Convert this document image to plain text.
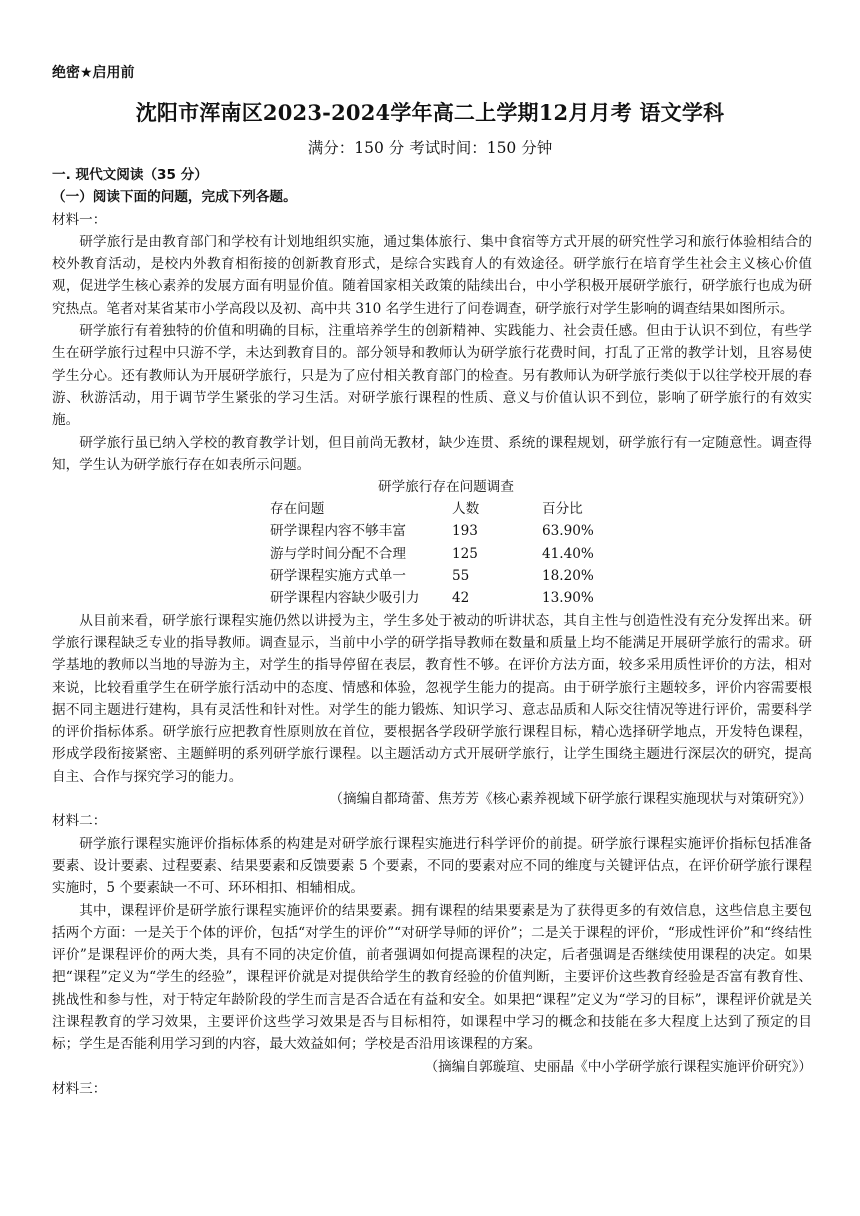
绝密★启用前
沈阳市浑南区2023-2024学年高二上学期12月月考 语文学科
满分：150 分 考试时间：150 分钟

一. 现代文阅读（35 分）

（一）阅读下面的问题，完成下列各题。

材料一：

研学旅行是由教育部门和学校有计划地组织实施，通过集体旅行、集中食宿等方式开展的研究性学习和旅行体验相结合的校外教育活动，是校内外教育相衔接的创新教育形式，是综合实践育人的有效途径。研学旅行在培育学生社会主义核心价值观，促进学生核心素养的发展方面有明显价值。随着国家相关政策的陆续出台，中小学积极开展研学旅行，研学旅行也成为研究热点。笔者对某省某市小学高段以及初、高中共 310 名学生进行了问卷调查，研学旅行对学生影响的调查结果如图所示。

研学旅行有着独特的价值和明确的目标，注重培养学生的创新精神、实践能力、社会责任感。但由于认识不到位，有些学生在研学旅行过程中只游不学，未达到教育目的。部分领导和教师认为研学旅行花费时间，打乱了正常的教学计划，且容易使学生分心。还有教师认为开展研学旅行，只是为了应付相关教育部门的检查。另有教师认为研学旅行类似于以往学校开展的春游、秋游活动，用于调节学生紧张的学习生活。对研学旅行课程的性质、意义与价值认识不到位，影响了研学旅行的有效实施。

研学旅行虽已纳入学校的教育教学计划，但目前尚无教材，缺少连贯、系统的课程规划，研学旅行有一定随意性。调查得知，学生认为研学旅行存在如表所示问题。

研学旅行存在问题调查
存在问题	人数	百分比
研学课程内容不够丰富	193	63.90%
游与学时间分配不合理	125	41.40%
研学课程实施方式单一	55	18.20%
研学课程内容缺少吸引力	42	13.90%

从目前来看，研学旅行课程实施仍然以讲授为主，学生多处于被动的听讲状态，其自主性与创造性没有充分发挥出来。研学旅行课程缺乏专业的指导教师。调查显示，当前中小学的研学指导教师在数量和质量上均不能满足开展研学旅行的需求。研学基地的教师以当地的导游为主，对学生的指导停留在表层，教育性不够。在评价方法方面，较多采用质性评价的方法，相对来说，比较看重学生在研学旅行活动中的态度、情感和体验，忽视学生能力的提高。由于研学旅行主题较多，评价内容需要根据不同主题进行建构，具有灵活性和针对性。对学生的能力锻炼、知识学习、意志品质和人际交往情况等进行评价，需要科学的评价指标体系。研学旅行应把教育性原则放在首位，要根据各学段研学旅行课程目标，精心选择研学地点，开发特色课程，形成学段衔接紧密、主题鲜明的系列研学旅行课程。以主题活动方式开展研学旅行，让学生围绕主题进行深层次的研究，提高自主、合作与探究学习的能力。

（摘编自都琦蕾、焦芳芳《核心素养视域下研学旅行课程实施现状与对策研究》）

材料二：

研学旅行课程实施评价指标体系的构建是对研学旅行课程实施进行科学评价的前提。研学旅行课程实施评价指标包括准备要素、设计要素、过程要素、结果要素和反馈要素 5 个要素，不同的要素对应不同的维度与关键评估点，在评价研学旅行课程实施时，5 个要素缺一不可、环环相扣、相辅相成。

其中，课程评价是研学旅行课程实施评价的结果要素。拥有课程的结果要素是为了获得更多的有效信息，这些信息主要包括两个方面：一是关于个体的评价，包括“对学生的评价”“对研学导师的评价”；二是关于课程的评价，“形成性评价”和“终结性评价”是课程评价的两大类，具有不同的决定价值，前者强调如何提高课程的决定，后者强调是否继续使用课程的决定。如果把“课程”定义为“学生的经验”，课程评价就是对提供给学生的教育经验的价值判断，主要评价这些教育经验是否富有教育性、挑战性和参与性，对于特定年龄阶段的学生而言是否合适在有益和安全。如果把“课程”定义为“学习的目标”，课程评价就是关注课程教育的学习效果，主要评价这些学习效果是否与目标相符，如课程中学习的概念和技能在多大程度上达到了预定的目标；学生是否能利用学习到的内容，最大效益如何；学校是否沿用该课程的方案。

（摘编自郭璇瑄、史丽晶《中小学研学旅行课程实施评价研究》）

材料三：
